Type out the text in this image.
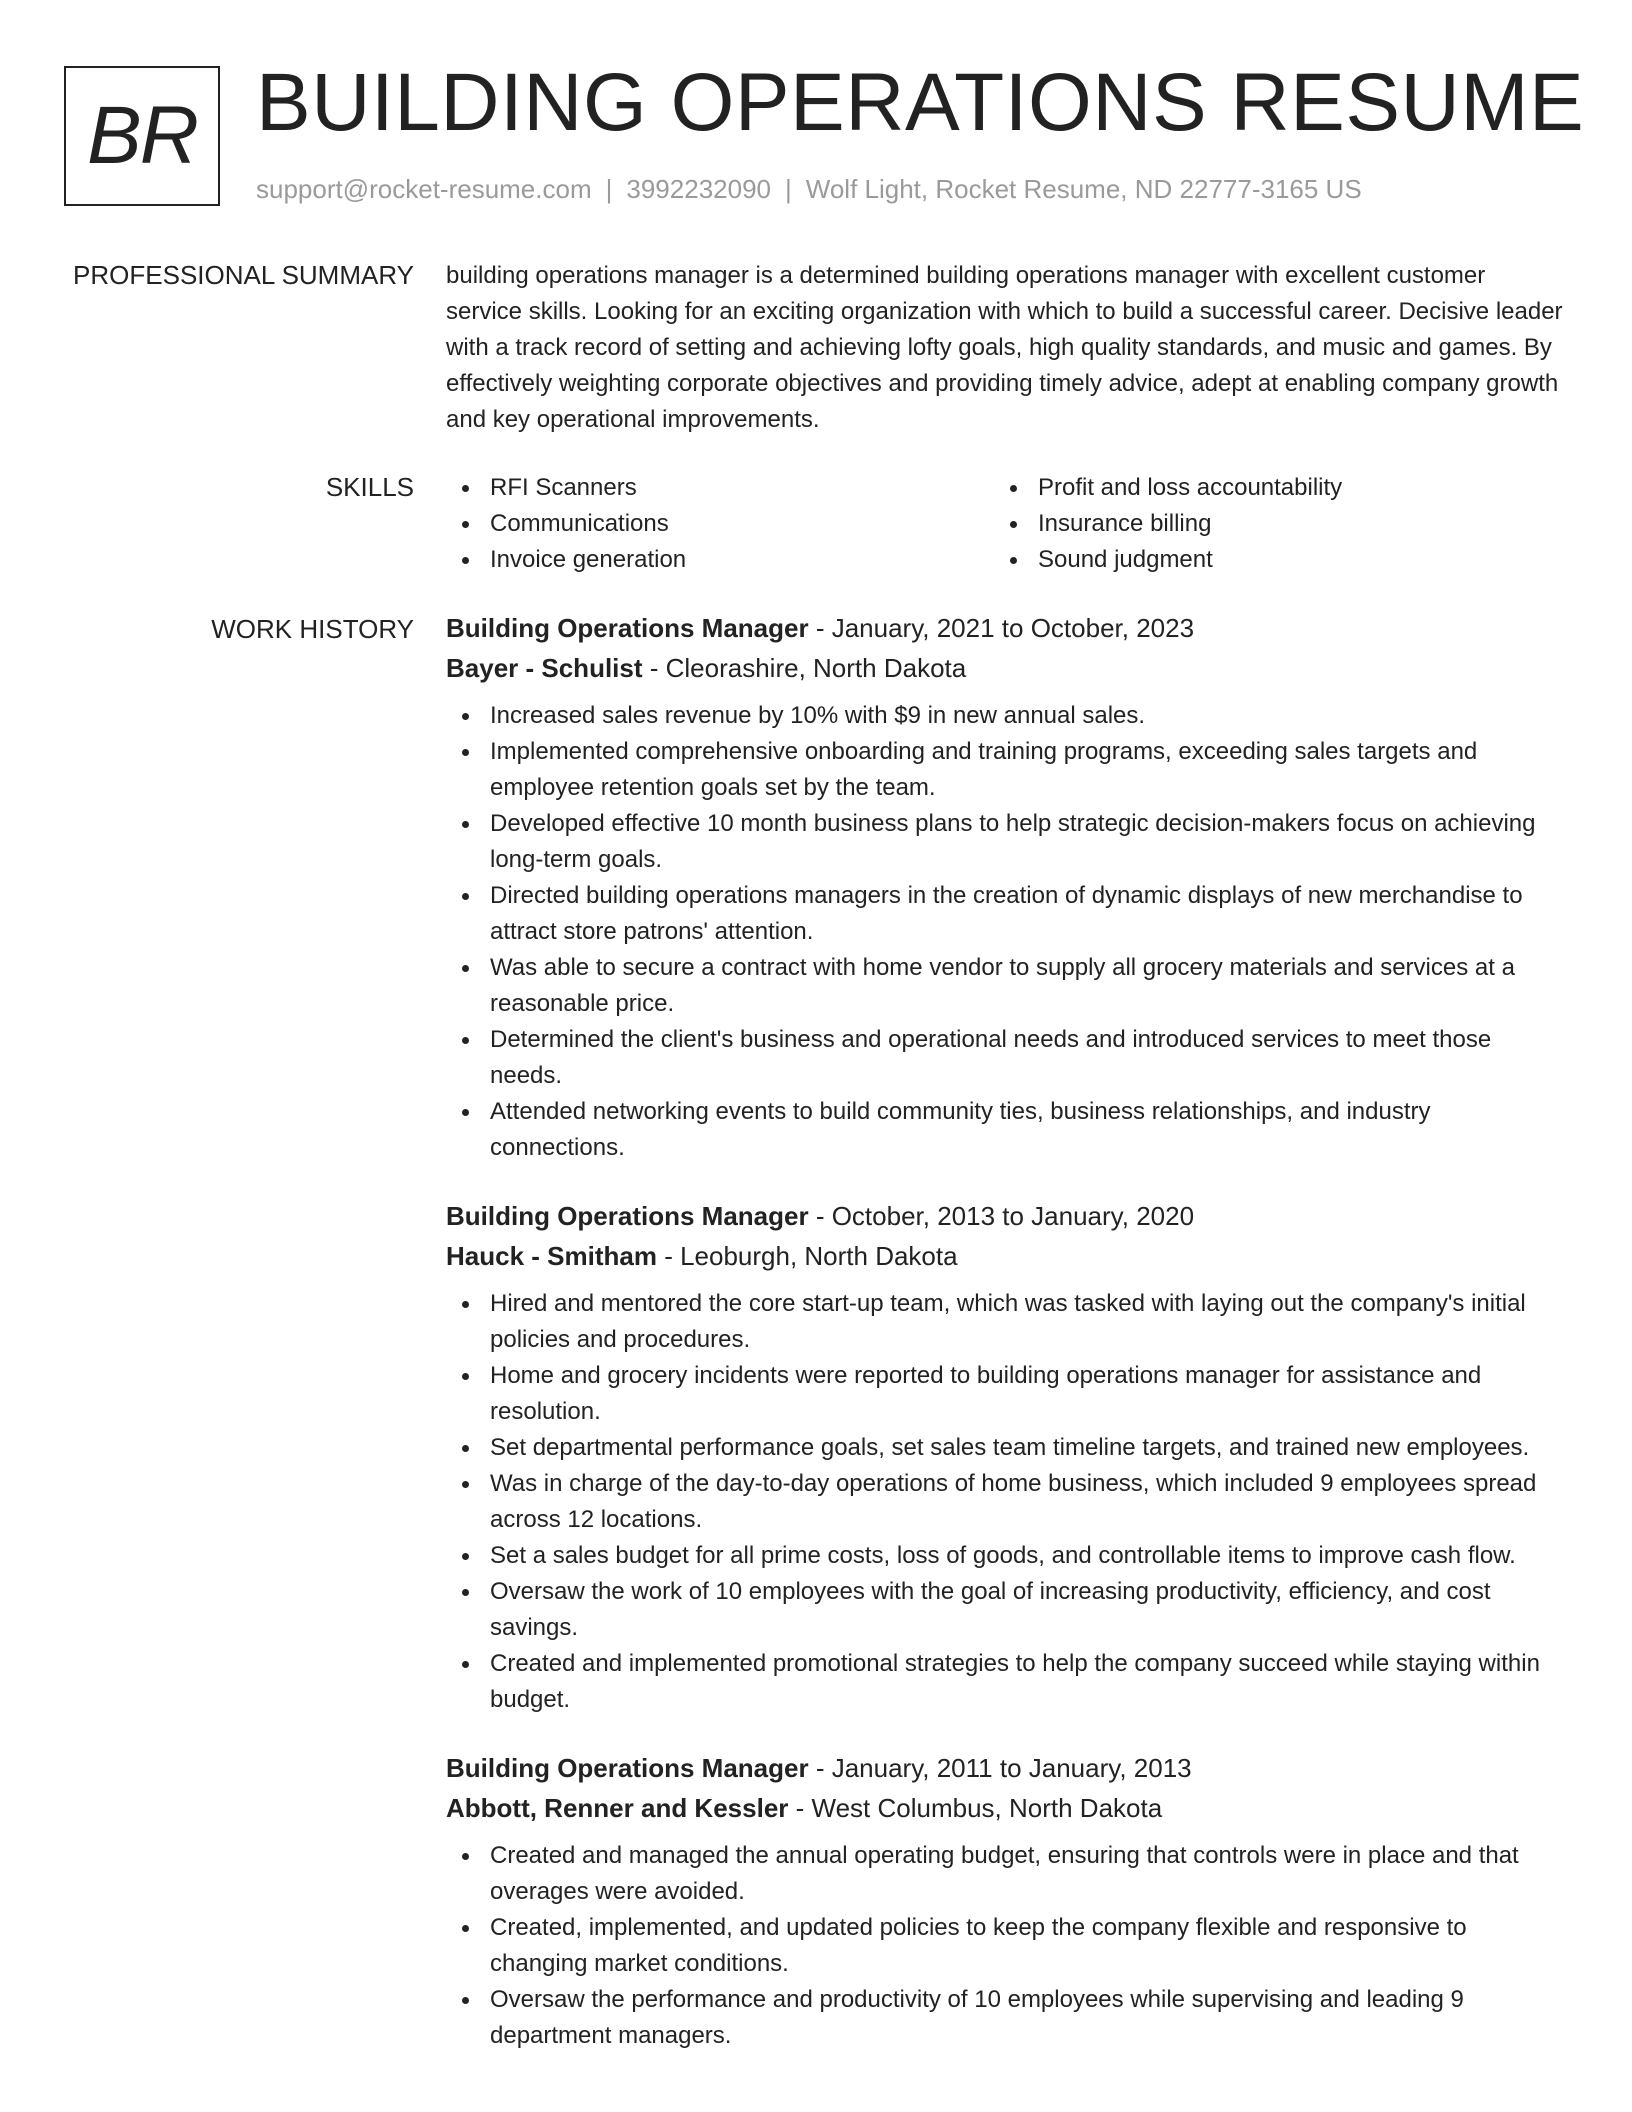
BR BUILDING OPERATIONS RESUME
support@rocket-resume.com | 3992232090 | Wolf Light, Rocket Resume, ND 22777-3165 US
PROFESSIONAL SUMMARY building operations manager is a determined building operations manager with excellent customer service skills. Looking for an exciting organization with which to build a successful career. Decisive leader with a track record of setting and achieving lofty goals, high quality standards, and music and games. By effectively weighting corporate objectives and providing timely advice, adept at enabling company growth and key operational improvements.

SKILLS	RFI Scanners
Communications
Invoice generation
Profit and loss accountability
Insurance billing
Sound judgment
WORK HISTORY Building Operations Manager - January, 2021 to October, 2023
Bayer - Schulist - Cleorashire, North Dakota
Increased sales revenue by 10% with $9 in new annual sales.
Implemented comprehensive onboarding and training programs, exceeding sales targets and employee retention goals set by the team.
Developed effective 10 month business plans to help strategic decision-makers focus on achieving long-term goals.
Directed building operations managers in the creation of dynamic displays of new merchandise to attract store patrons' attention.
Was able to secure a contract with home vendor to supply all grocery materials and services at a reasonable price.
Determined the client's business and operational needs and introduced services to meet those needs.
Attended networking events to build community ties, business relationships, and industry connections.
Building Operations Manager - October, 2013 to January, 2020
Hauck - Smitham - Leoburgh, North Dakota
Hired and mentored the core start-up team, which was tasked with laying out the company's initial policies and procedures.
Home and grocery incidents were reported to building operations manager for assistance and resolution.
Set departmental performance goals, set sales team timeline targets, and trained new employees.
Was in charge of the day-to-day operations of home business, which included 9 employees spread across 12 locations.
Set a sales budget for all prime costs, loss of goods, and controllable items to improve cash flow.
Oversaw the work of 10 employees with the goal of increasing productivity, efficiency, and cost savings.
Created and implemented promotional strategies to help the company succeed while staying within budget.
Building Operations Manager - January, 2011 to January, 2013
Abbott, Renner and Kessler - West Columbus, North Dakota
Created and managed the annual operating budget, ensuring that controls were in place and that overages were avoided.
Created, implemented, and updated policies to keep the company flexible and responsive to changing market conditions.
Oversaw the performance and productivity of 10 employees while supervising and leading 9 department managers.
